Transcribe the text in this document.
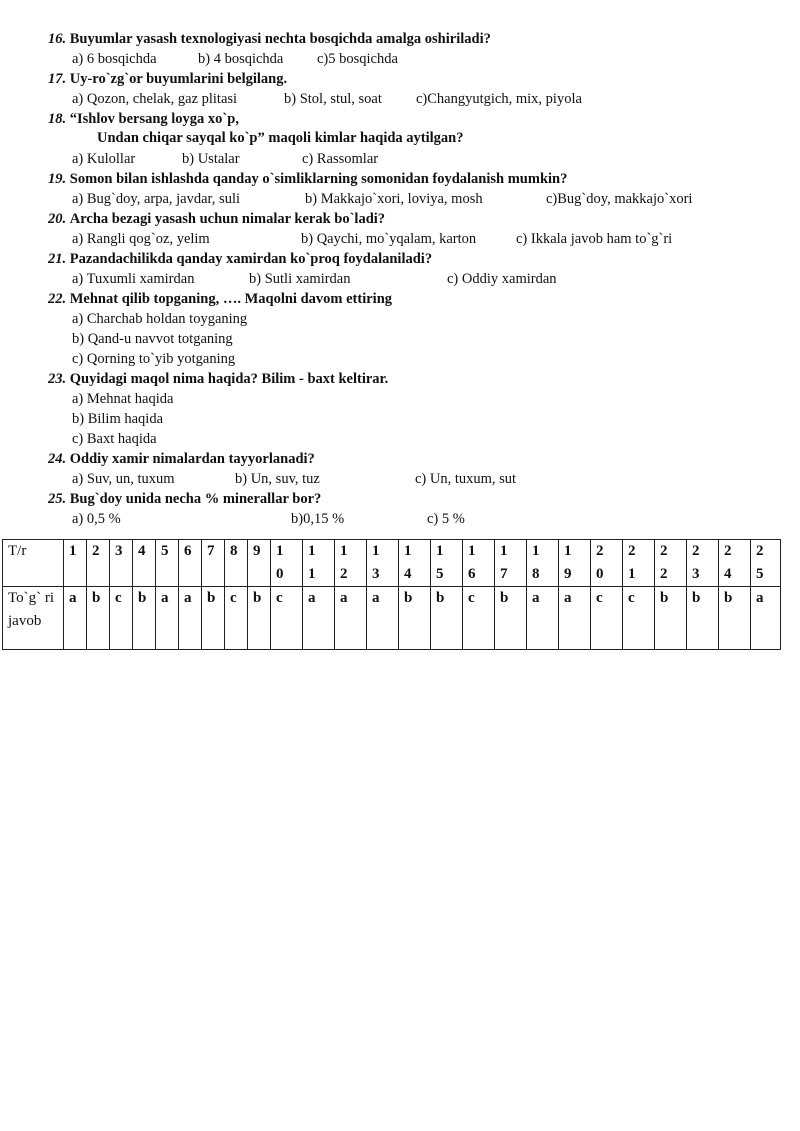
16. Buyumlar yasash texnologiyasi nechta bosqichda amalga oshiriladi?
a) 6 bosqichda	b) 4 bosqichda c)5 bosqichda
17. Uy-ro`zg`or buyumlarini belgilang.
a) Qozon, chelak, gaz plitasi	b) Stol, stul, soat c)Changyutgich, mix, piyola
18. “Ishlov bersang loyga xo`p,
Undan chiqar sayqal ko`p” maqoli kimlar haqida aytilgan?
a) Kulollar	b) Ustalar	c) Rassomlar
19. Somon bilan ishlashda qanday o`simliklarning somonidan foydalanish mumkin?
a) Bug`doy, arpa, javdar, suli	b) Makkajo`xori, loviya, mosh	c)Bug`doy, makkajo`xori
20. Archa bezagi yasash uchun nimalar kerak bo`ladi?
a) Rangli qog`oz, yelim	b) Qaychi, mo`yqalam, karton	c) Ikkala javob ham to`g`ri
21. Pazandachilikda qanday xamirdan ko`proq foydalaniladi?
a) Tuxumli xamirdan	b) Sutli xamirdan	c) Oddiy xamirdan
22. Mehnat qilib topganing, …. Maqolni davom ettiring
a) Charchab holdan toyganing
b) Qand-u navvot totganing
c) Qorning to`yib yotganing
23. Quyidagi maqol nima haqida? Bilim - baxt keltirar.
a) Mehnat haqida
b) Bilim haqida
c) Baxt haqida
24. Oddiy xamir nimalardan tayyorlanadi?
a) Suv, un, tuxum	b) Un, suv, tuz	c) Un, tuxum, sut
25. Bug`doy unida necha % minerallar bor?
a) 0,5 %	b)0,15 %	c) 5 %
T/r	1	2	3	4	5	6	7	8	9	1 0	1 1	1 2	1 3	1 4	1 5	1 6	1 7	1 8	1 9	2 0	2 1	2 2	2 3	2 4	2 5
To`g` ri javob	a	b	c	b	a	a	b	c	b	c	a	a	a	b	b	c	b	a	a	c	c	b	b	b	a
